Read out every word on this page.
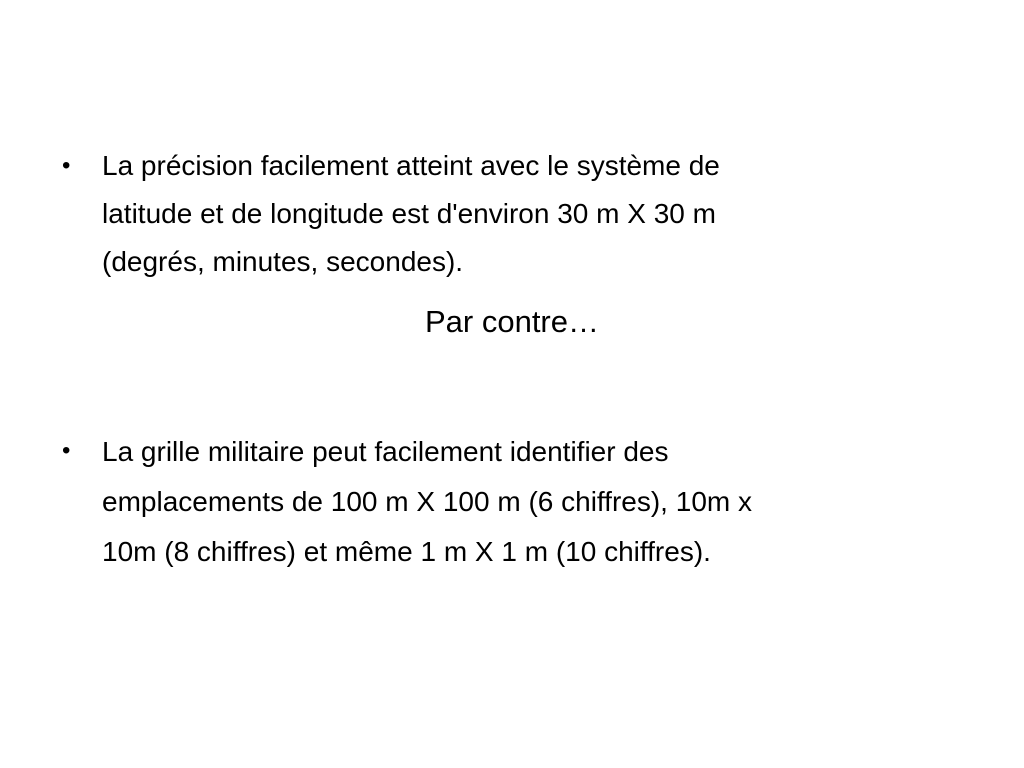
•	La précision facilement atteint avec le système de
latitude et de longitude est d'environ 30 m X 30 m
(degrés, minutes, secondes).
Par contre…
•	La grille militaire peut facilement identifier des
emplacements de 100 m X 100 m (6 chiffres), 10m x
10m (8 chiffres) et même 1 m X 1 m (10 chiffres).
